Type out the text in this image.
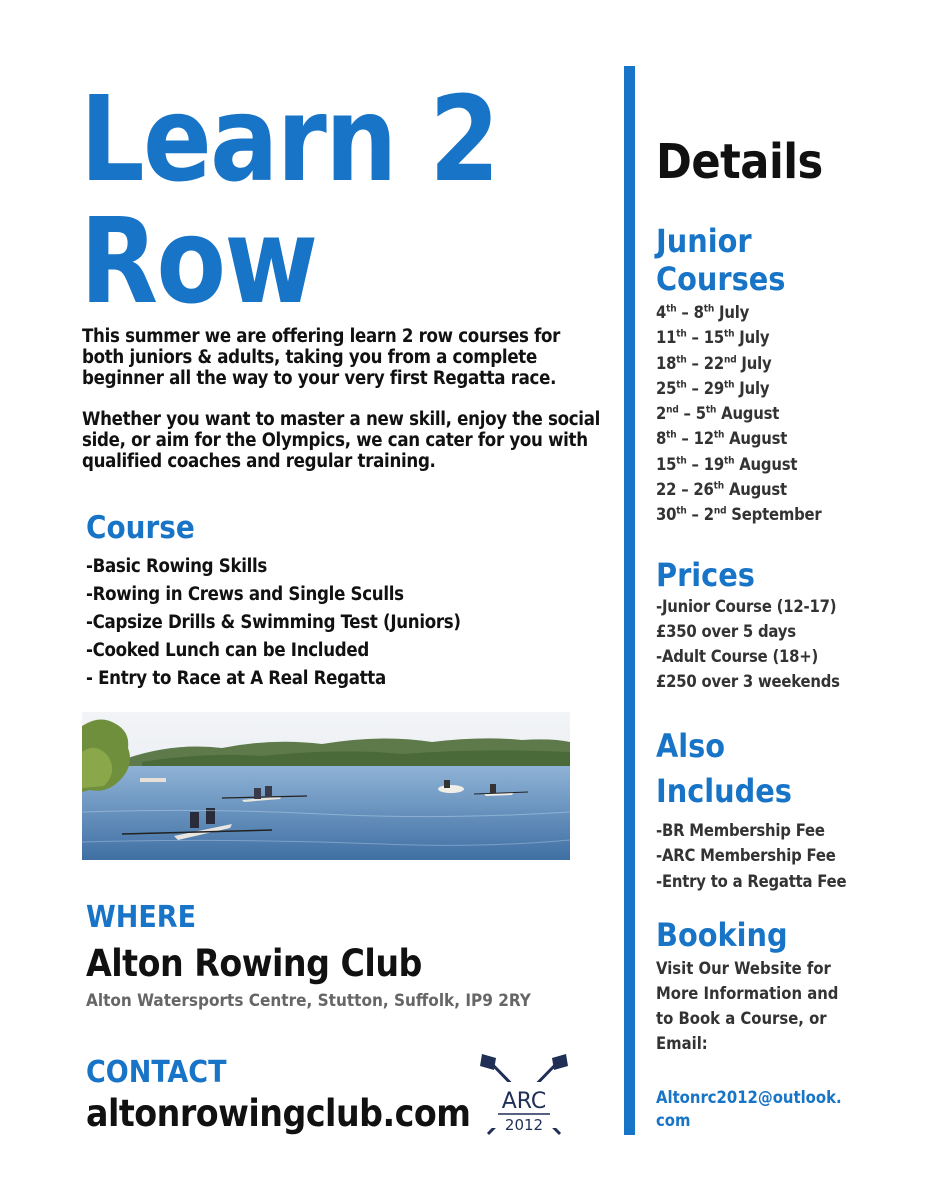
Learn 2
Row

This summer we are offering learn 2 row courses for both juniors & adults, taking you from a complete beginner all the way to your very first Regatta race.

Whether you want to master a new skill, enjoy the social side, or aim for the Olympics, we can cater for you with qualified coaches and regular training.

Course
-Basic Rowing Skills
-Rowing in Crews and Single Sculls
-Capsize Drills & Swimming Test (Juniors)
-Cooked Lunch can be Included
- Entry to Race at A Real Regatta
WHERE

Alton Rowing Club

Alton Watersports Centre, Stutton, Suffolk, IP9 2RY

CONTACT

altonrowingclub.com ARC
2012
Details
Junior
Courses
4th – 8th July
11th – 15th July
18th – 22nd July
25th – 29th July
2nd – 5th August
8th – 12th August
15th – 19th August
22 – 26th August
30th – 2nd September
Prices
-Junior Course (12-17)
£350 over 5 days
-Adult Course (18+)
£250 over 3 weekends
Also
Includes
-BR Membership Fee
-ARC Membership Fee
-Entry to a Regatta Fee
Booking

Visit Our Website for More Information and to Book a Course, or Email:

Altonrc2012@outlook.com
